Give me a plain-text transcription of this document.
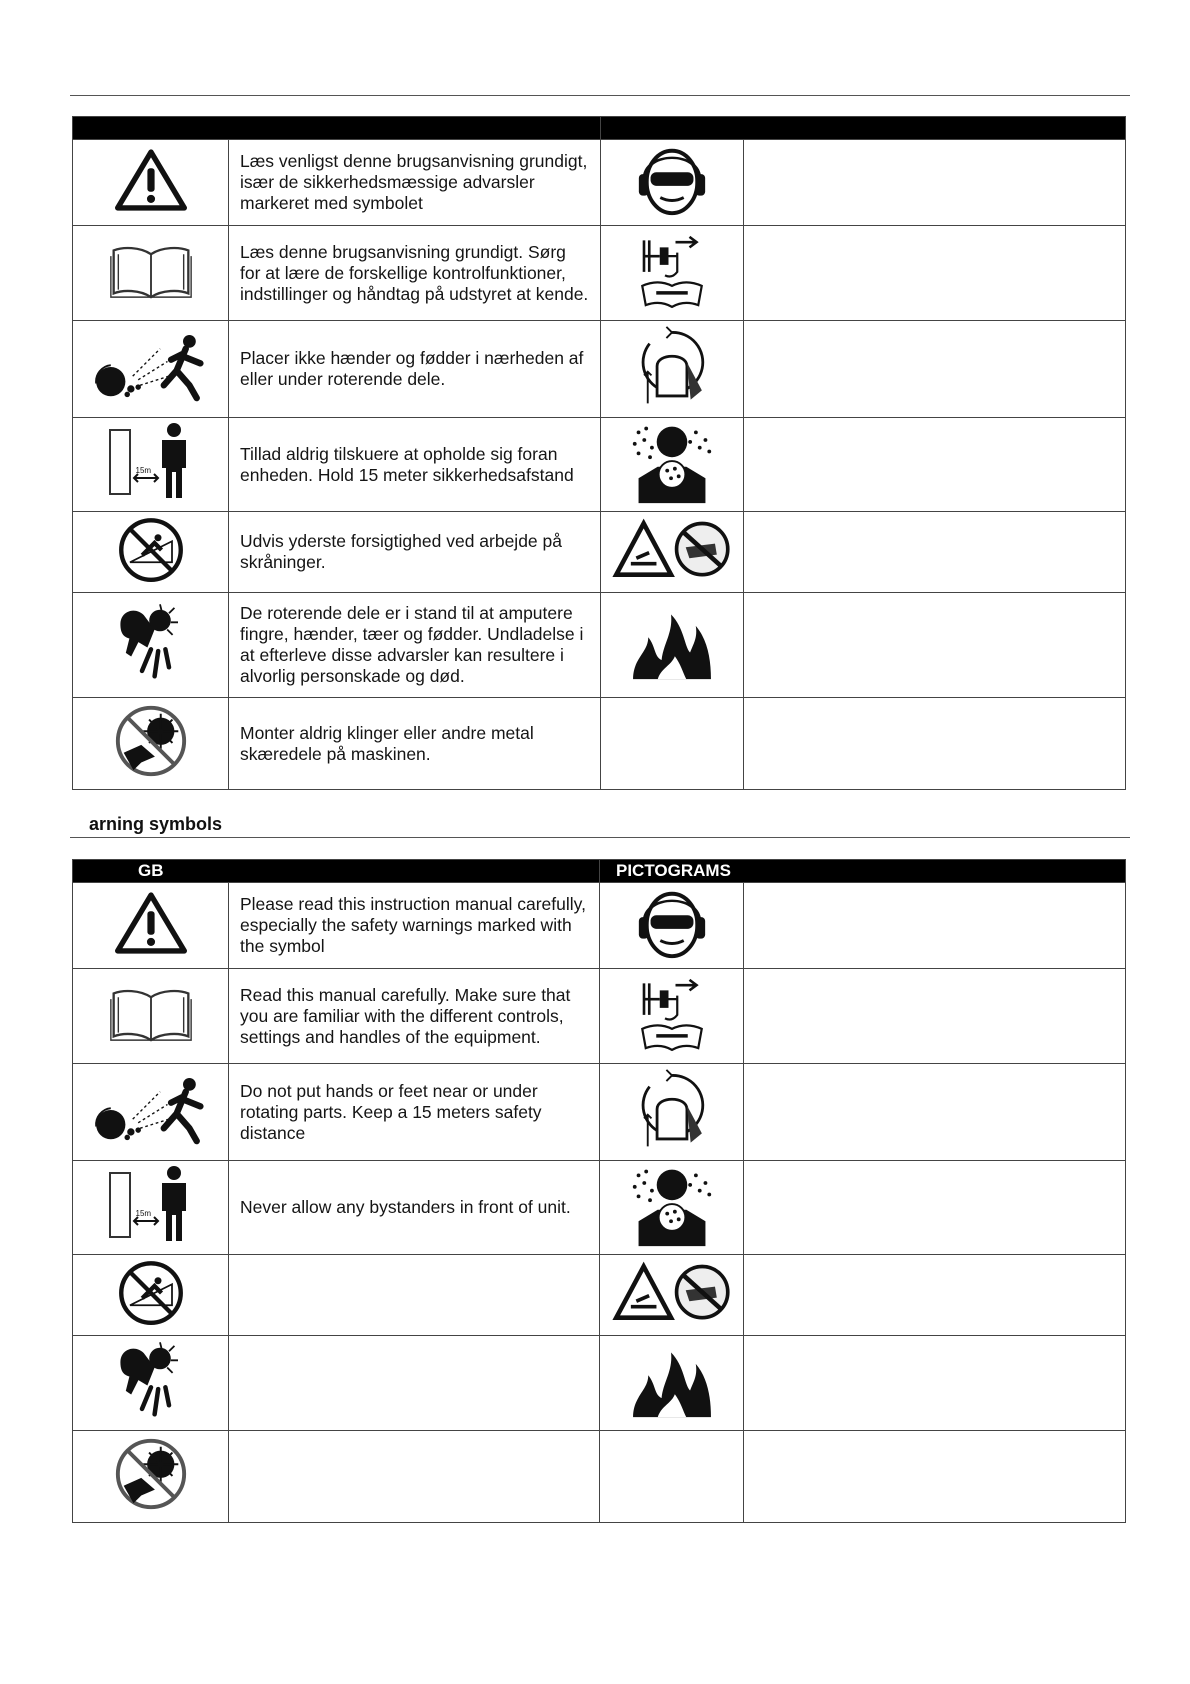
	Læs venligst denne brugsanvisning grundigt, især de sikkerhedsmæssige advarsler markeret med symbolet	

	Læs denne brugsanvisning grundigt. Sørg for at lære de forskellige kontrolfunktioner, indstillinger og håndtag på udstyret at kende.	

	Placer ikke hænder og fødder i nærheden af eller under roterende dele.	

15m	Tillad aldrig tilskuere at opholde sig foran enheden. Hold 15 meter sikkerhedsafstand	

	Udvis yderste forsigtighed ved arbejde på skråninger.	

	De roterende dele er i stand til at amputere fingre, hænder, tæer og fødder. Undladelse i at efterleve disse advarsler kan resultere i alvorlig personskade og død.	

	Monter aldrig klinger eller andre metal skæredele på maskinen.		
arning symbols
GB		PICTOGRAMS	

	Please read this instruction manual carefully, especially the safety warnings marked with the symbol	

	Read this manual carefully. Make sure that you are familiar with the different controls, settings and handles of the equipment.	

	Do not put hands or feet near or under rotating parts. Keep a 15 meters safety distance	

15m	Never allow any bystanders in front of unit.	
